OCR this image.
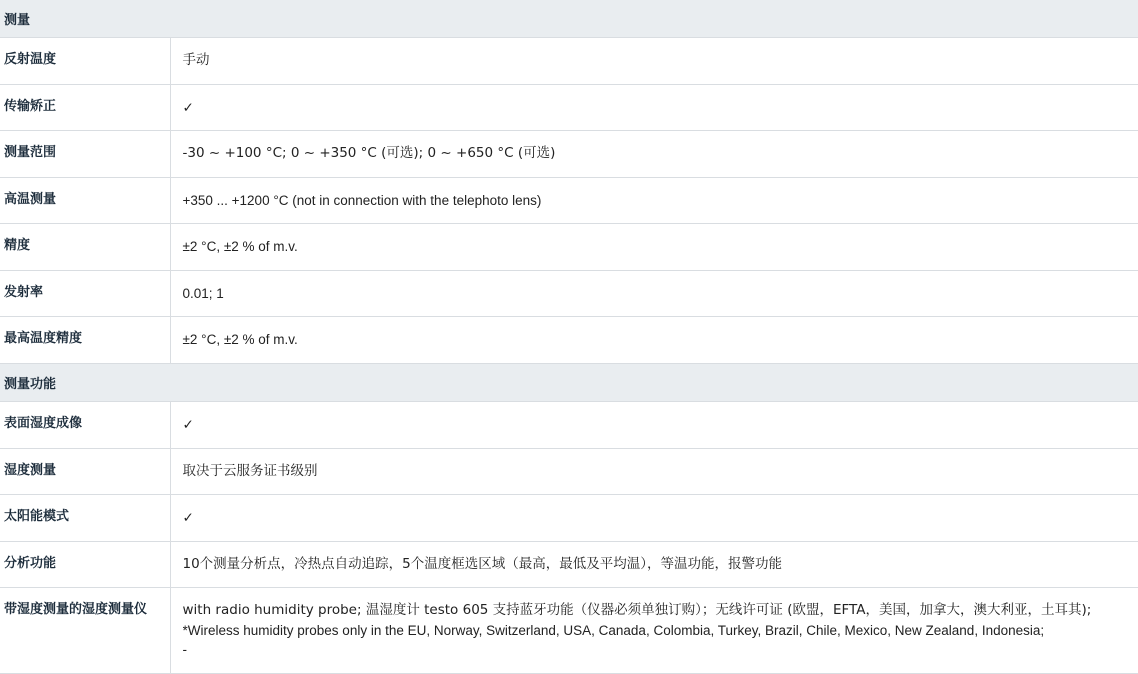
测量	
反射温度	手动
传输矫正	✓
测量范围	-30 ~ +100 °C; 0 ~ +350 °C (可选); 0 ~ +650 °C (可选)
高温测量	+350 ... +1200 °C (not in connection with the telephoto lens)
精度	±2 °C, ±2 % of m.v.
发射率	0.01; 1
最高温度精度	±2 °C, ±2 % of m.v.
测量功能	
表面湿度成像	✓
湿度测量	取决于云服务证书级别
太阳能模式	✓
分析功能	10个测量分析点，冷热点自动追踪，5个温度框选区域（最高，最低及平均温），等温功能，报警功能
带湿度测量的湿度测量仪	with radio humidity probe; 温湿度计 testo 605 支持蓝牙功能（仪器必须单独订购）；无线许可证 (欧盟，EFTA，美国，加拿大，澳大利亚，土耳其);
*Wireless humidity probes only in the EU, Norway, Switzerland, USA, Canada, Colombia, Turkey, Brazil, Chile, Mexico, New Zealand, Indonesia;
-
